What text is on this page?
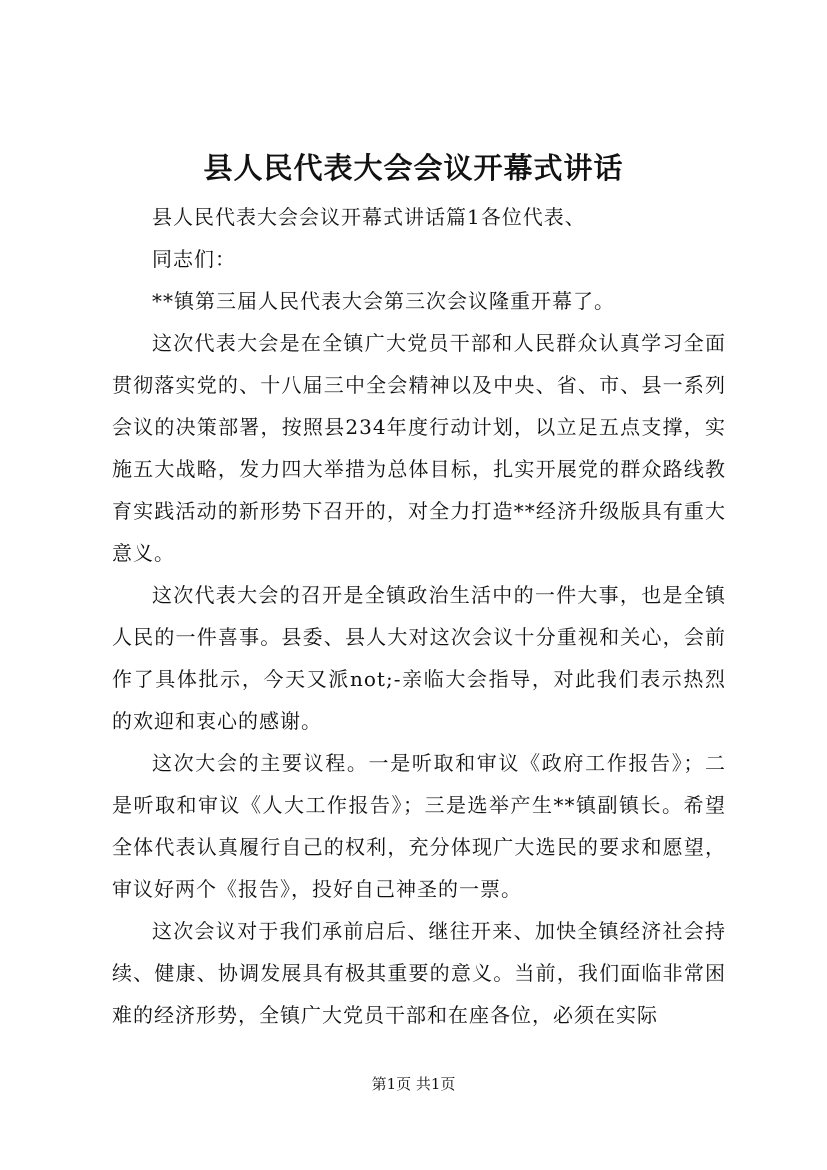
县人民代表大会会议开幕式讲话

县人民代表大会会议开幕式讲话篇1各位代表、

同志们：

**镇第三届人民代表大会第三次会议隆重开幕了。

这次代表大会是在全镇广大党员干部和人民群众认真学习全面贯彻落实党的、十八届三中全会精神以及中央、省、市、县一系列会议的决策部署，按照县234年度行动计划，以立足五点支撑，实施五大战略，发力四大举措为总体目标，扎实开展党的群众路线教育实践活动的新形势下召开的，对全力打造**经济升级版具有重大意义。

这次代表大会的召开是全镇政治生活中的一件大事，也是全镇人民的一件喜事。县委、县人大对这次会议十分重视和关心，会前作了具体批示，今天又派not;-亲临大会指导，对此我们表示热烈的欢迎和衷心的感谢。

这次大会的主要议程。一是听取和审议《政府工作报告》；二是听取和审议《人大工作报告》；三是选举产生**镇副镇长。希望全体代表认真履行自己的权利，充分体现广大选民的要求和愿望，审议好两个《报告》，投好自己神圣的一票。

这次会议对于我们承前启后、继往开来、加快全镇经济社会持续、健康、协调发展具有极其重要的意义。当前，我们面临非常困难的经济形势，全镇广大党员干部和在座各位，必须在实际

第1页 共1页
